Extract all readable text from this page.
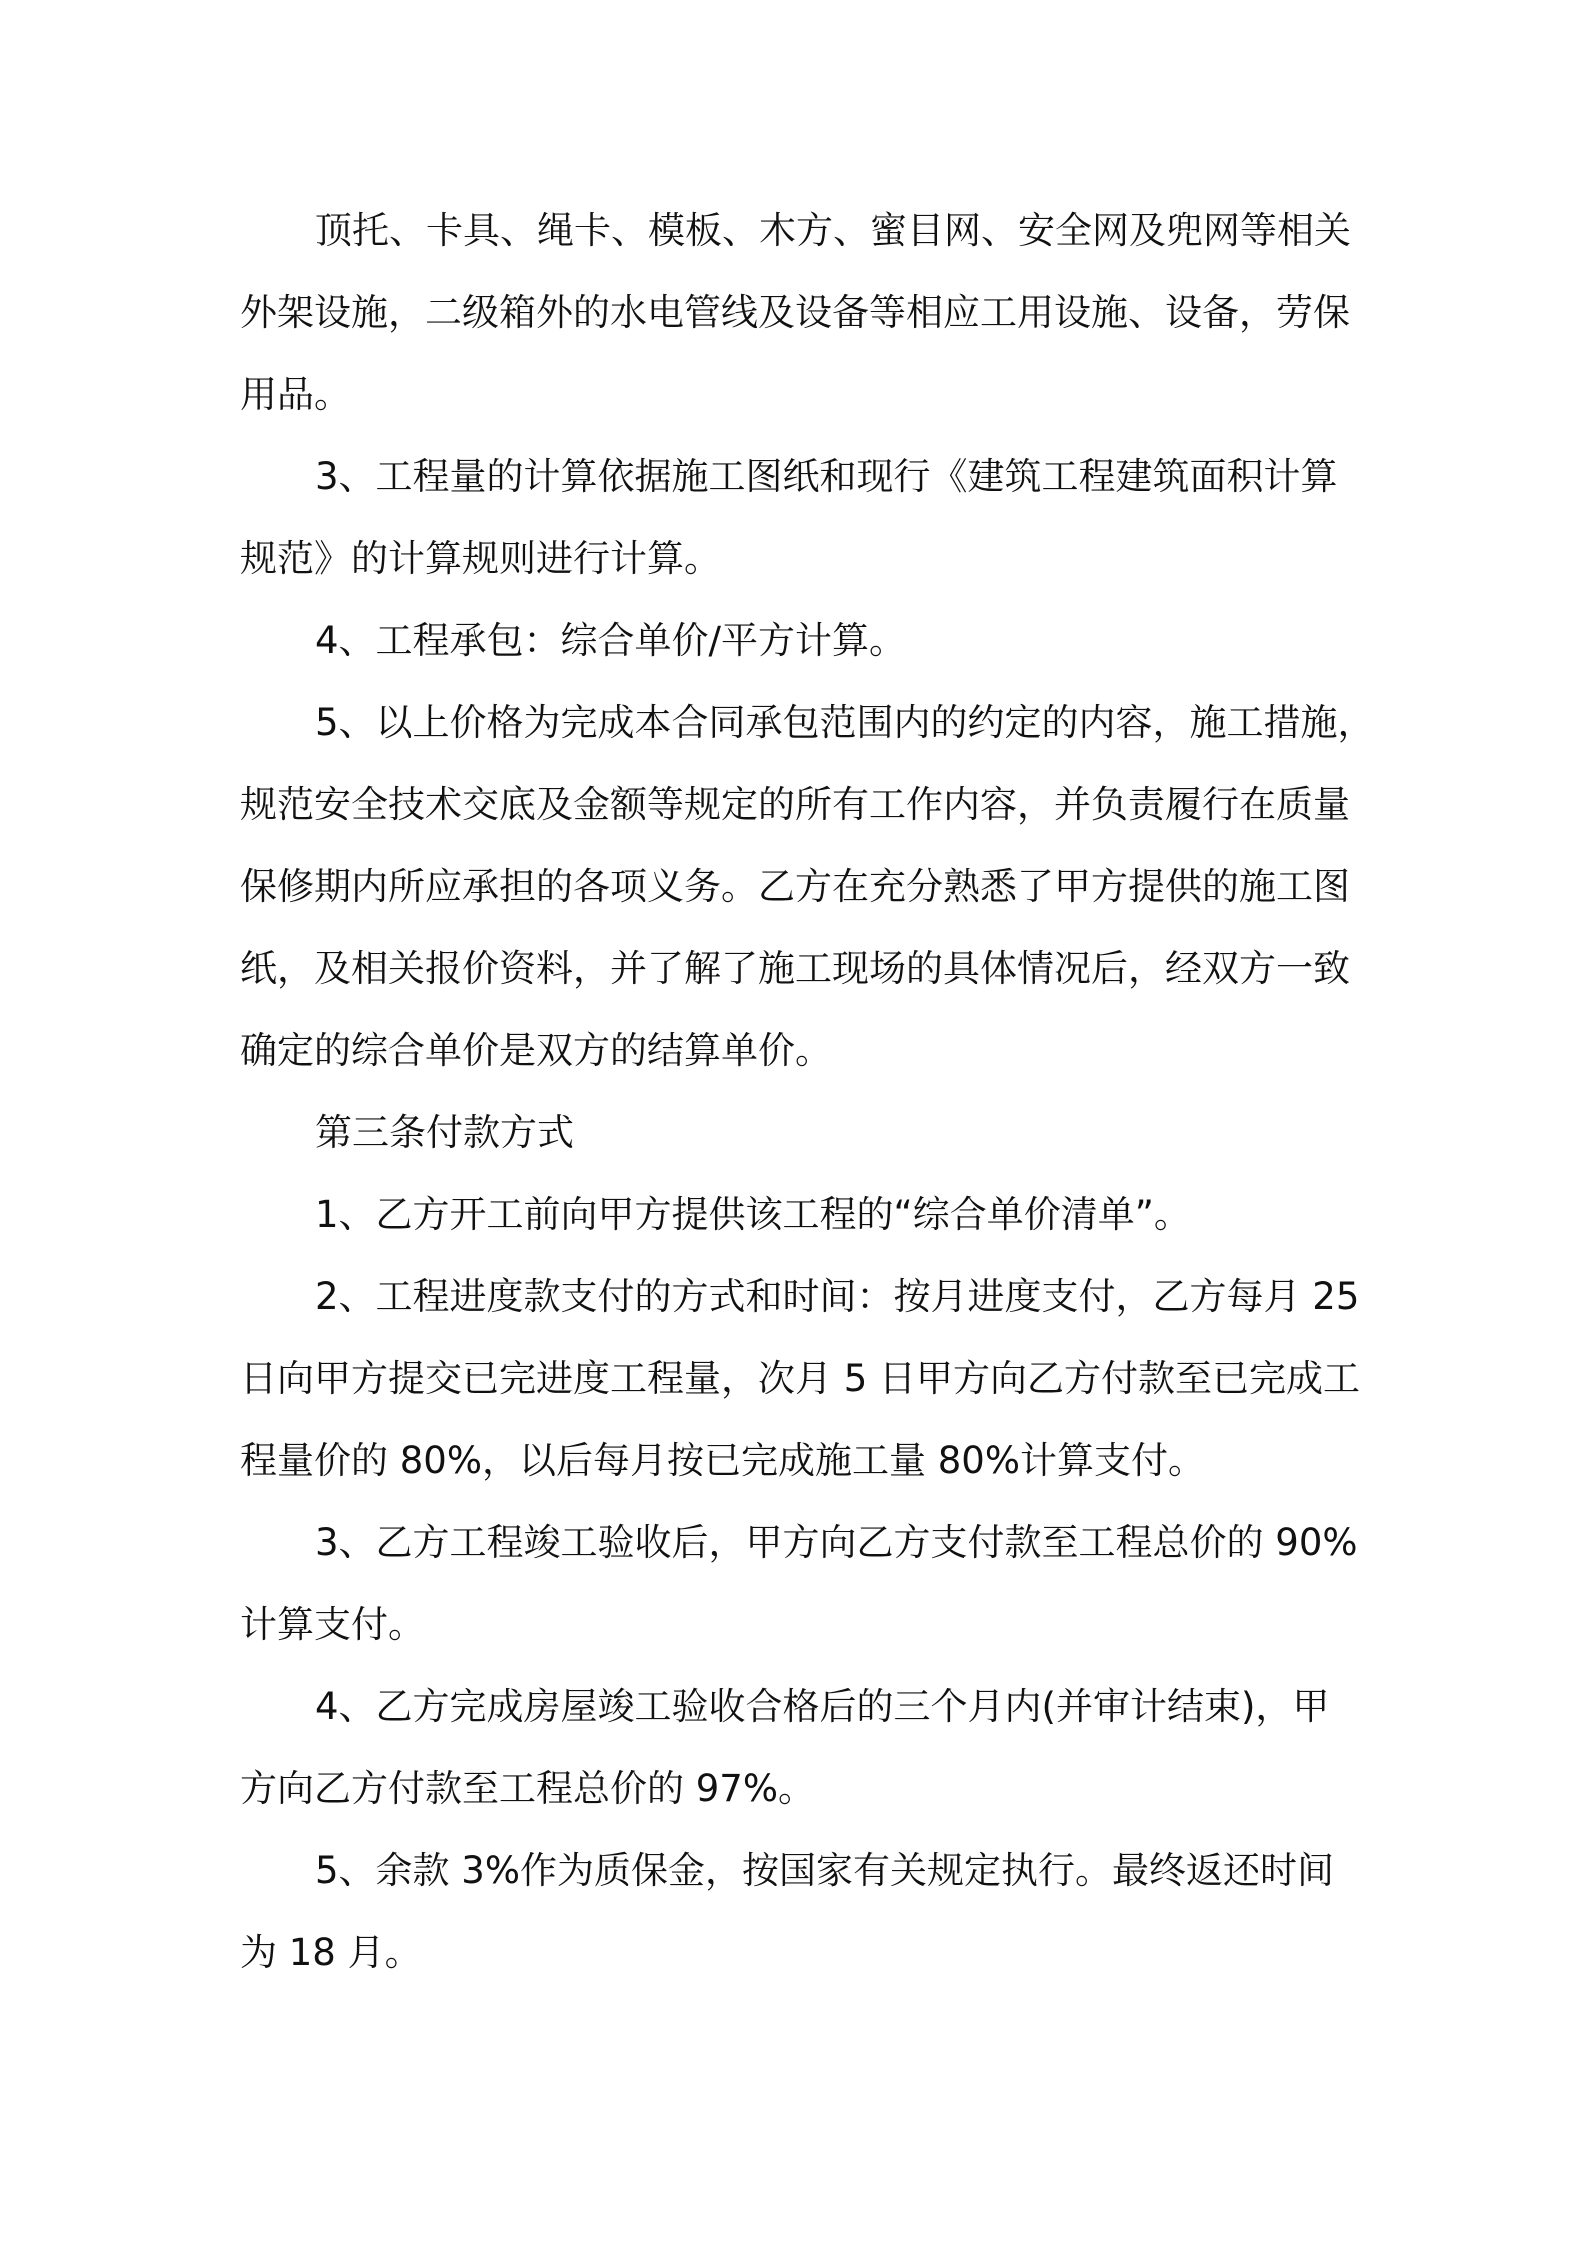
顶托、卡具、绳卡、模板、木方、蜜目网、安全网及兜网等相关
外架设施，二级箱外的水电管线及设备等相应工用设施、设备，劳保
用品。
3、工程量的计算依据施工图纸和现行《建筑工程建筑面积计算
规范》的计算规则进行计算。
4、工程承包：综合单价/平方计算。
5、以上价格为完成本合同承包范围内的约定的内容，施工措施，
规范安全技术交底及金额等规定的所有工作内容，并负责履行在质量
保修期内所应承担的各项义务。乙方在充分熟悉了甲方提供的施工图
纸，及相关报价资料，并了解了施工现场的具体情况后，经双方一致
确定的综合单价是双方的结算单价。
第三条付款方式
1、乙方开工前向甲方提供该工程的“综合单价清单”。
2、工程进度款支付的方式和时间：按月进度支付，乙方每月 25
日向甲方提交已完进度工程量，次月 5 日甲方向乙方付款至已完成工
程量价的 80%，以后每月按已完成施工量 80%计算支付。
3、乙方工程竣工验收后，甲方向乙方支付款至工程总价的 90%
计算支付。
4、乙方完成房屋竣工验收合格后的三个月内(并审计结束)，甲
方向乙方付款至工程总价的 97%。
5、余款 3%作为质保金，按国家有关规定执行。最终返还时间
为 18 月。
